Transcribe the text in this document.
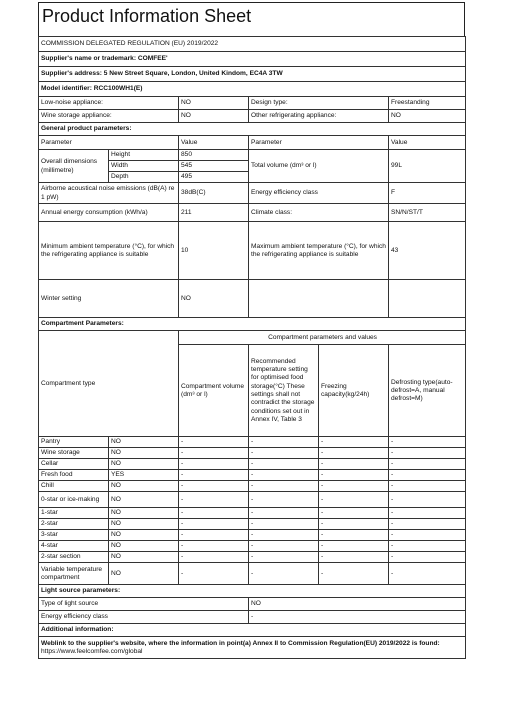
Product Information Sheet
COMMISSION DELEGATED REGULATION (EU) 2019/2022					
Supplier's name or trademark: COMFEE'					
Supplier's address: 5 New Street Square, London, United Kindom, EC4A 3TW					
Model identifier: RCC100WH1(E)					
Low-noise appliance:		NO	Design type:		Freestanding
Wine storage appliance:		NO	Other refrigerating appliance:		NO
General product parameters:					
Parameter		Value	Parameter		Value
Overall dimensions (millimetre)	Height	850	Total volume (dm³ or l)		99L
	Width	545			
	Depth	495			
Airborne acoustical noise emissions (dB(A) re 1 pW)		38dB(C)	Energy efficiency class		F
Annual energy consumption (kWh/a)		211	Climate class:		SN/N/ST/T
Minimum ambient temperature (°C), for which the refrigerating appliance is suitable		10	Maximum ambient temperature (°C), for which the refrigerating appliance is suitable		43
Winter setting		NO			
Compartment Parameters:					
Compartment type		Compartment parameters and values			
		Compartment volume (dm³ or l)	Recommended temperature setting for optimised food storage(°C) These settings shall not contradict the storage conditions set out in Annex IV, Table 3	Freezing capacity(kg/24h)	Defrosting type(auto-defrost=A, manual defrost=M)
Pantry	NO	-	-	-	-
Wine storage	NO	-	-	-	-
Cellar	NO	-	-	-	-
Fresh food	YES	-	-	-	-
Chill	NO	-	-	-	-
0-star or ice-making	NO	-	-	-	-
1-star	NO	-	-	-	-
2-star	NO	-	-	-	-
3-star	NO	-	-	-	-
4-star	NO	-	-	-	-
2-star section	NO	-	-	-	-
Variable temperature compartment	NO	-	-	-	-
Light source parameters:					
Type of light source			NO		
Energy efficiency class			-		
Additional information:					
Weblink to the supplier's website, where the information in point(a) Annex II to Commission Regulation(EU) 2019/2022 is found:
https://www.feelcomfee.com/global					
